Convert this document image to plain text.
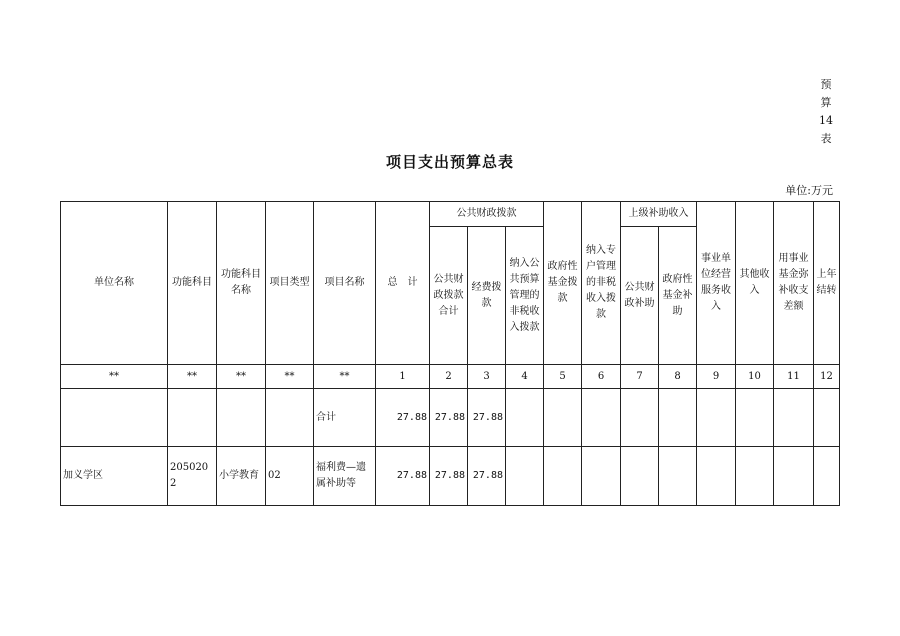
预
算
14
表
项目支出预算总表
单位:万元
单位名称	功能科目	功能科目名称	项目类型	项目名称	总　计	公共财政拨款			政府性基金拨款	纳入专户管理的非税收入拨款	上级补助收入		事业单位经营服务收入	其他收入	用事业基金弥补收支差额	上年结转
						公共财政拨款合计	经费拨款	纳入公共预算管理的非税收入拨款			公共财政补助	政府性基金补助				
**	**	**	**	**	1	2	3	4	5	6	7	8	9	10	11	12
				合计	27.88	27.88	27.88									
加义学区	2050202	小学教育	02	福利费—遗属补助等	27.88	27.88	27.88									
